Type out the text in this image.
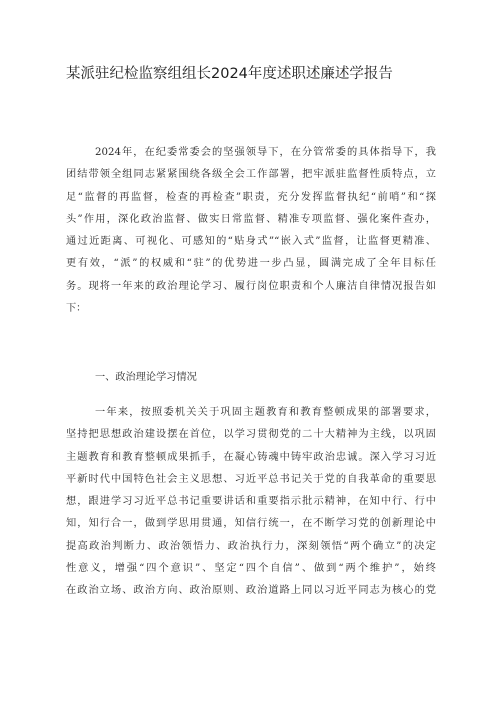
某派驻纪检监察组组长2024年度述职述廉述学报告
2024年，在纪委常委会的坚强领导下，在分管常委的具体指导下，我
团结带领全组同志紧紧围绕各级全会工作部署，把牢派驻监督性质特点，立
足“监督的再监督，检查的再检查”职责，充分发挥监督执纪“前哨”和“探
头”作用，深化政治监督、做实日常监督、精准专项监督、强化案件查办，
通过近距离、可视化、可感知的“贴身式”“嵌入式”监督，让监督更精准、
更有效，“派”的权威和“驻”的优势进一步凸显，圆满完成了全年目标任
务。现将一年来的政治理论学习、履行岗位职责和个人廉洁自律情况报告如
下：
一、政治理论学习情况
一年来，按照委机关关于巩固主题教育和教育整顿成果的部署要求，
坚持把思想政治建设摆在首位，以学习贯彻党的二十大精神为主线，以巩固
主题教育和教育整顿成果抓手，在凝心铸魂中铸牢政治忠诚。深入学习习近
平新时代中国特色社会主义思想、习近平总书记关于党的自我革命的重要思
想，跟进学习习近平总书记重要讲话和重要指示批示精神，在知中行、行中
知，知行合一，做到学思用贯通，知信行统一，在不断学习党的创新理论中
提高政治判断力、政治领悟力、政治执行力，深刻领悟“两个确立”的决定
性意义，增强“四个意识”、坚定“四个自信”、做到“两个维护”，始终
在政治立场、政治方向、政治原则、政治道路上同以习近平同志为核心的党
